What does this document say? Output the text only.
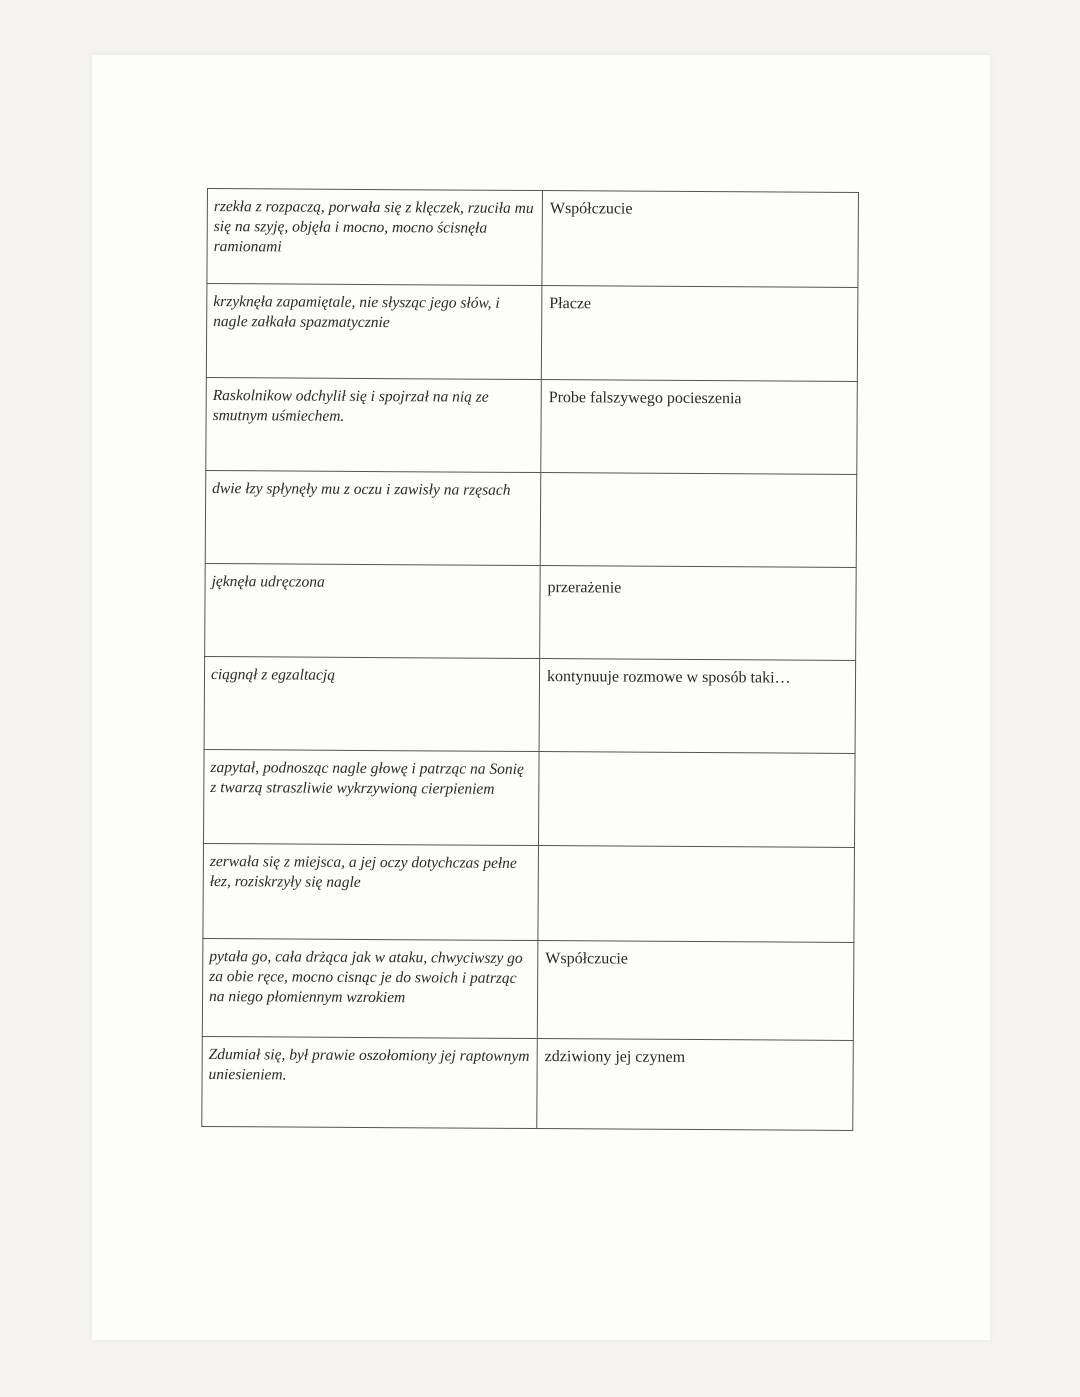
rzekła z rozpaczą, porwała się z klęczek, rzuciła mu się na szyję, objęła i mocno, mocno ścisnęła ramionami	Współczucie
krzyknęła zapamiętale, nie słysząc jego słów, i nagle załkała spazmatycznie	Płacze
Raskolnikow odchylił się i spojrzał na nią ze smutnym uśmiechem.	Probe falszywego pocieszenia
dwie łzy spłynęły mu z oczu i zawisły na rzęsach	
jęknęła udręczona	przerażenie
ciągnął z egzaltacją	kontynuuje rozmowe w sposób taki…
zapytał, podnosząc nagle głowę i patrząc na Sonię z twarzą straszliwie wykrzywioną cierpieniem	
zerwała się z miejsca, a jej oczy dotychczas pełne łez, roziskrzyły się nagle	
pytała go, cała drżąca jak w ataku, chwyciwszy go za obie ręce, mocno cisnąc je do swoich i patrząc na niego płomiennym wzrokiem	Współczucie
Zdumiał się, był prawie oszołomiony jej raptownym uniesieniem.	zdziwiony jej czynem
